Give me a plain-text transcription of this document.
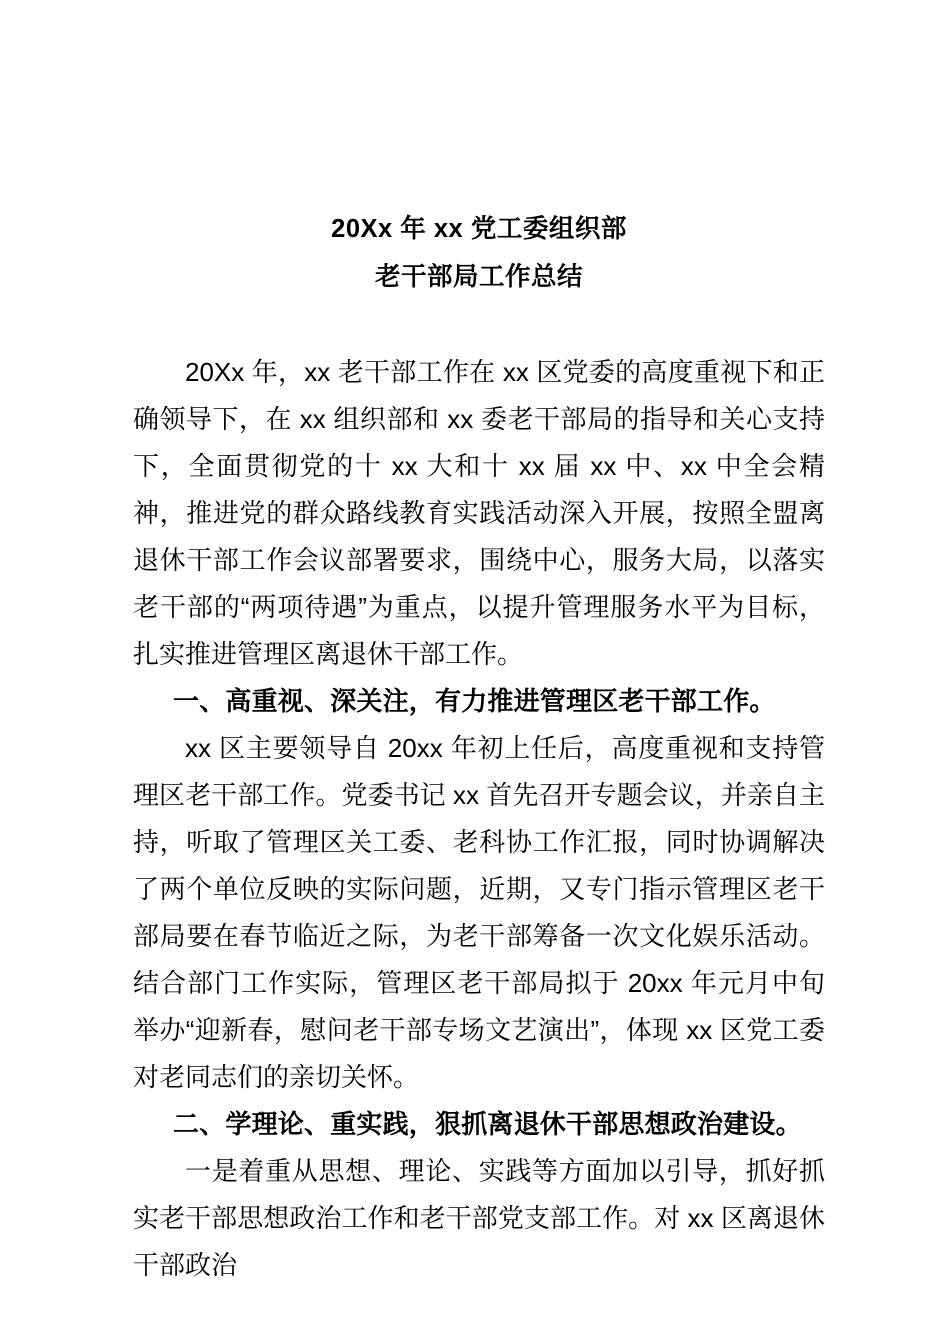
20Xx 年 xx 党工委组织部
老干部局工作总结

20Xx 年，xx 老干部工作在 xx 区党委的高度重视下和正确领导下，在 xx 组织部和 xx 委老干部局的指导和关心支持下，全面贯彻党的十 xx 大和十 xx 届 xx 中、xx 中全会精神，推进党的群众路线教育实践活动深入开展，按照全盟离退休干部工作会议部署要求，围绕中心，服务大局，以落实老干部的“两项待遇”为重点，以提升管理服务水平为目标，扎实推进管理区离退休干部工作。

一、高重视、深关注，有力推进管理区老干部工作。

xx 区主要领导自 20xx 年初上任后，高度重视和支持管理区老干部工作。党委书记 xx 首先召开专题会议，并亲自主持，听取了管理区关工委、老科协工作汇报，同时协调解决了两个单位反映的实际问题，近期，又专门指示管理区老干部局要在春节临近之际，为老干部筹备一次文化娱乐活动。结合部门工作实际，管理区老干部局拟于 20xx 年元月中旬举办“迎新春，慰问老干部专场文艺演出”，体现 xx 区党工委对老同志们的亲切关怀。

二、学理论、重实践，狠抓离退休干部思想政治建设。

一是着重从思想、理论、实践等方面加以引导，抓好抓实老干部思想政治工作和老干部党支部工作。对 xx 区离退休干部政治
